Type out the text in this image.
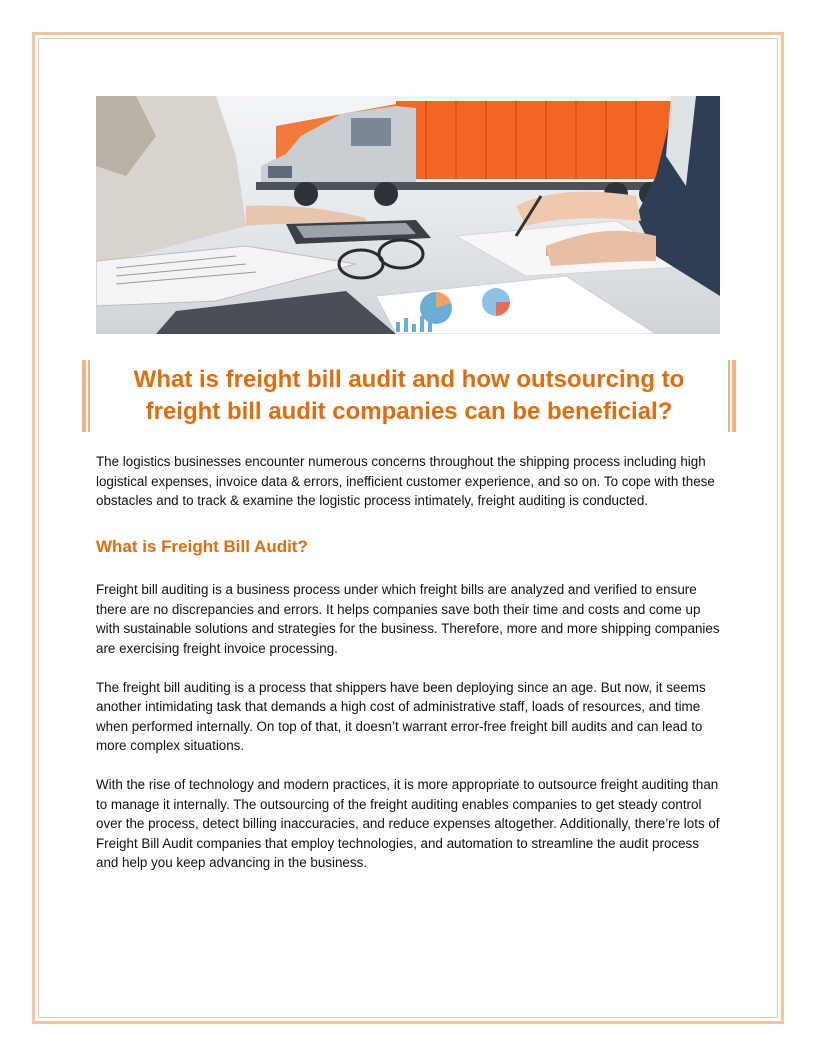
What is freight bill audit and how outsourcing to freight bill audit companies can be beneficial?

The logistics businesses encounter numerous concerns throughout the shipping process including high logistical expenses, invoice data & errors, inefficient customer experience, and so on. To cope with these obstacles and to track & examine the logistic process intimately, freight auditing is conducted.

What is Freight Bill Audit?

Freight bill auditing is a business process under which freight bills are analyzed and verified to ensure there are no discrepancies and errors. It helps companies save both their time and costs and come up with sustainable solutions and strategies for the business. Therefore, more and more shipping companies are exercising freight invoice processing.

The freight bill auditing is a process that shippers have been deploying since an age. But now, it seems another intimidating task that demands a high cost of administrative staff, loads of resources, and time when performed internally. On top of that, it doesn’t warrant error-free freight bill audits and can lead to more complex situations.

With the rise of technology and modern practices, it is more appropriate to outsource freight auditing than to manage it internally. The outsourcing of the freight auditing enables companies to get steady control over the process, detect billing inaccuracies, and reduce expenses altogether. Additionally, there’re lots of Freight Bill Audit companies that employ technologies, and automation to streamline the audit process and help you keep advancing in the business.
